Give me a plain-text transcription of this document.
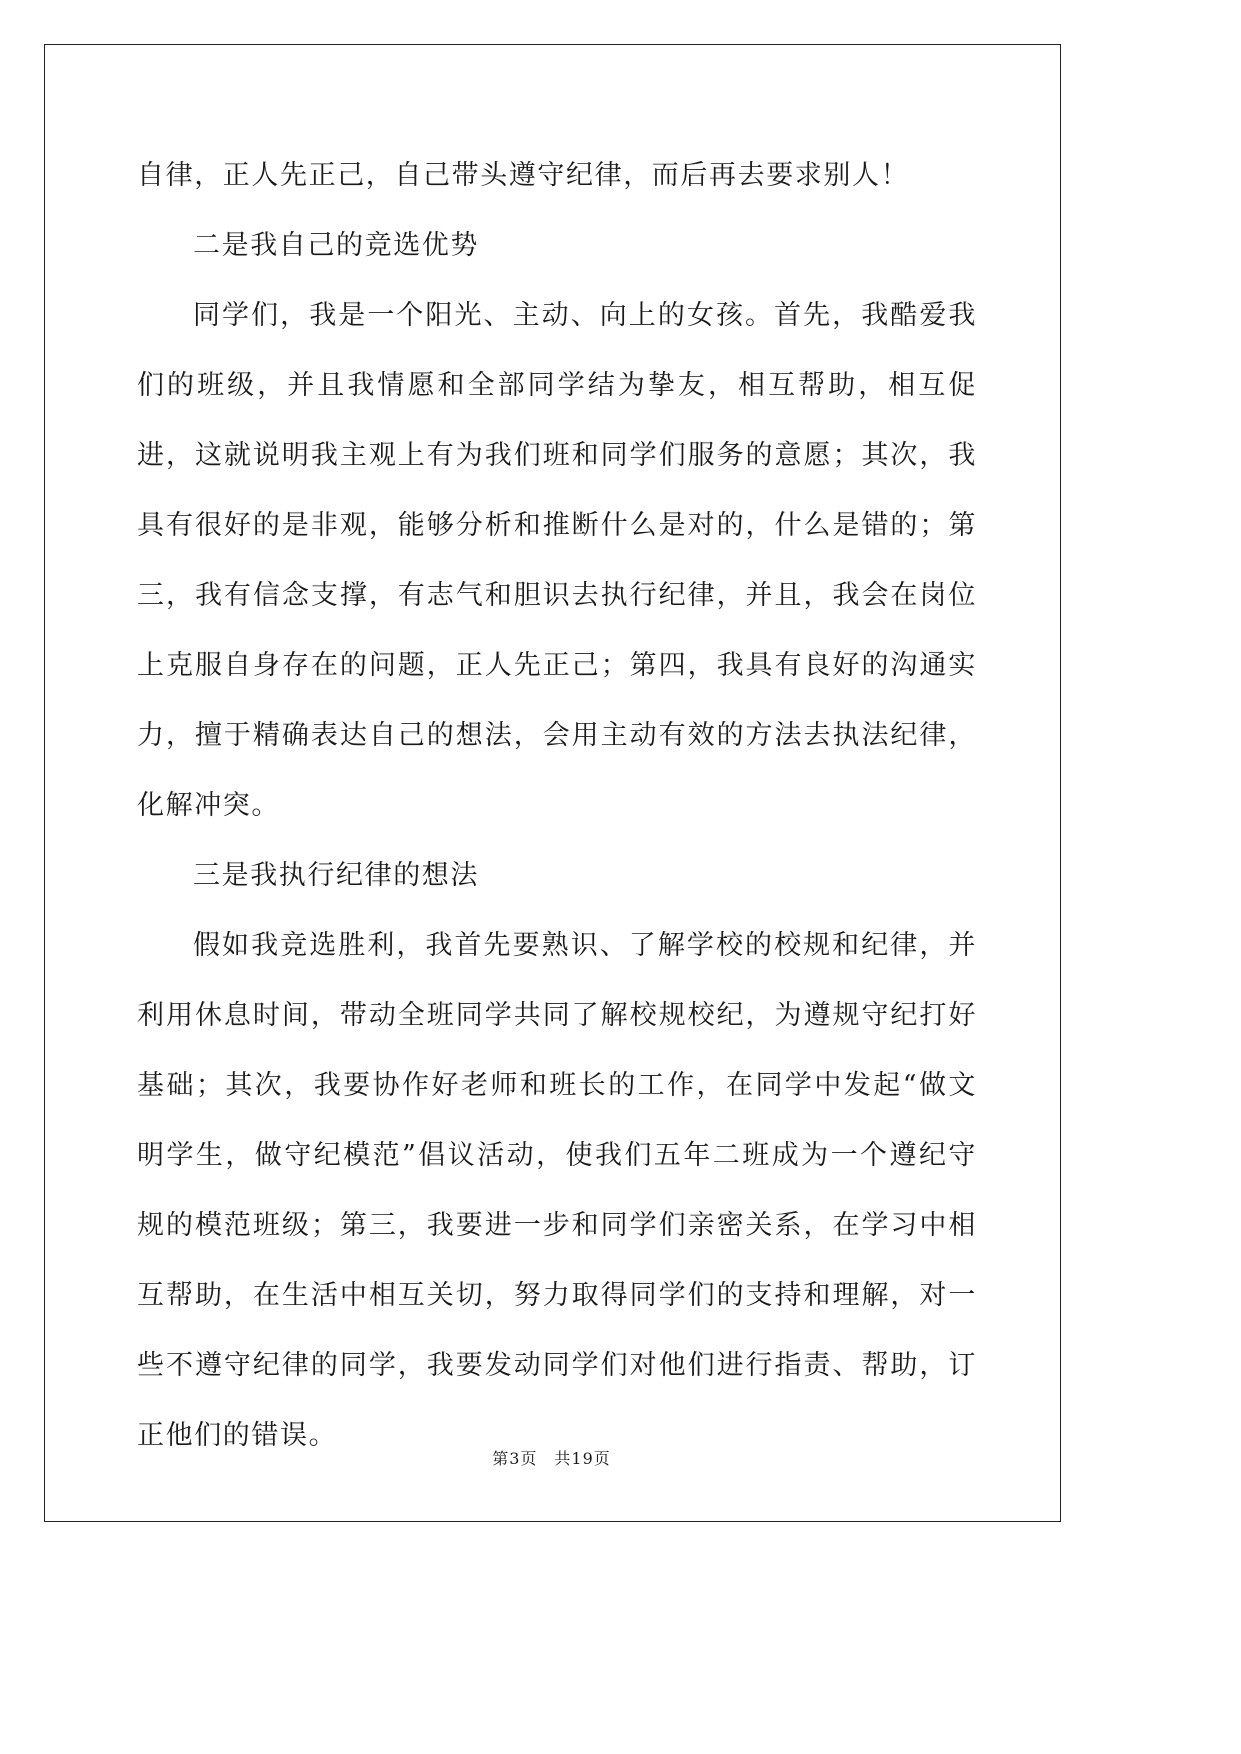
自律，正人先正己，自己带头遵守纪律，而后再去要求别人！

二是我自己的竞选优势

同学们，我是一个阳光、主动、向上的女孩。首先，我酷爱我们的班级，并且我情愿和全部同学结为挚友，相互帮助，相互促进，这就说明我主观上有为我们班和同学们服务的意愿；其次，我具有很好的是非观，能够分析和推断什么是对的，什么是错的；第三，我有信念支撑，有志气和胆识去执行纪律，并且，我会在岗位上克服自身存在的问题，正人先正己；第四，我具有良好的沟通实力，擅于精确表达自己的想法，会用主动有效的方法去执法纪律，化解冲突。

三是我执行纪律的想法

假如我竞选胜利，我首先要熟识、了解学校的校规和纪律，并利用休息时间，带动全班同学共同了解校规校纪，为遵规守纪打好基础；其次，我要协作好老师和班长的工作，在同学中发起“做文明学生，做守纪模范”倡议活动，使我们五年二班成为一个遵纪守规的模范班级；第三，我要进一步和同学们亲密关系，在学习中相互帮助，在生活中相互关切，努力取得同学们的支持和理解，对一些不遵守纪律的同学，我要发动同学们对他们进行指责、帮助，订正他们的错误。

第3页　共19页
